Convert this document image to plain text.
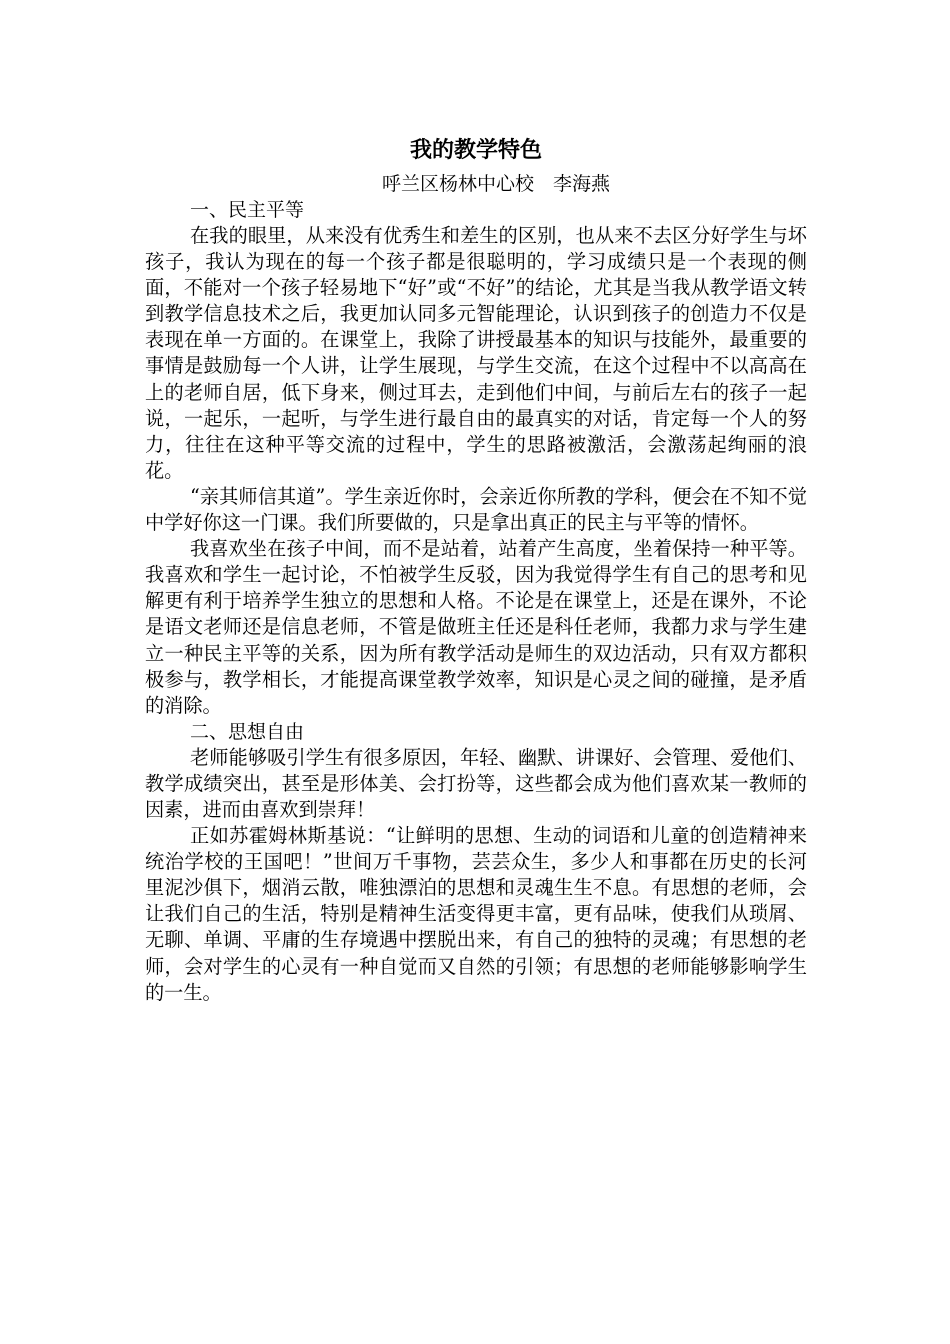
我的教学特色
呼兰区杨林中心校　李海燕
一、民主平等

在我的眼里，从来没有优秀生和差生的区别，也从来不去区分好学生与坏孩子，我认为现在的每一个孩子都是很聪明的，学习成绩只是一个表现的侧面，不能对一个孩子轻易地下“好”或“不好”的结论，尤其是当我从教学语文转到教学信息技术之后，我更加认同多元智能理论，认识到孩子的创造力不仅是表现在单一方面的。在课堂上，我除了讲授最基本的知识与技能外，最重要的事情是鼓励每一个人讲，让学生展现，与学生交流，在这个过程中不以高高在上的老师自居，低下身来，侧过耳去，走到他们中间，与前后左右的孩子一起说，一起乐，一起听，与学生进行最自由的最真实的对话，肯定每一个人的努力，往往在这种平等交流的过程中，学生的思路被激活，会激荡起绚丽的浪花。

“亲其师信其道”。学生亲近你时，会亲近你所教的学科，便会在不知不觉中学好你这一门课。我们所要做的，只是拿出真正的民主与平等的情怀。

我喜欢坐在孩子中间，而不是站着，站着产生高度，坐着保持一种平等。我喜欢和学生一起讨论，不怕被学生反驳，因为我觉得学生有自己的思考和见解更有利于培养学生独立的思想和人格。不论是在课堂上，还是在课外，不论是语文老师还是信息老师，不管是做班主任还是科任老师，我都力求与学生建立一种民主平等的关系，因为所有教学活动是师生的双边活动，只有双方都积极参与，教学相长，才能提高课堂教学效率，知识是心灵之间的碰撞，是矛盾的消除。

二、思想自由

老师能够吸引学生有很多原因，年轻、幽默、讲课好、会管理、爱他们、教学成绩突出，甚至是形体美、会打扮等，这些都会成为他们喜欢某一教师的因素，进而由喜欢到崇拜！

正如苏霍姆林斯基说：“让鲜明的思想、生动的词语和儿童的创造精神来统治学校的王国吧！”世间万千事物，芸芸众生，多少人和事都在历史的长河里泥沙俱下，烟消云散，唯独漂泊的思想和灵魂生生不息。有思想的老师，会让我们自己的生活，特别是精神生活变得更丰富，更有品味，使我们从琐屑、无聊、单调、平庸的生存境遇中摆脱出来，有自己的独特的灵魂；有思想的老师，会对学生的心灵有一种自觉而又自然的引领；有思想的老师能够影响学生的一生。
